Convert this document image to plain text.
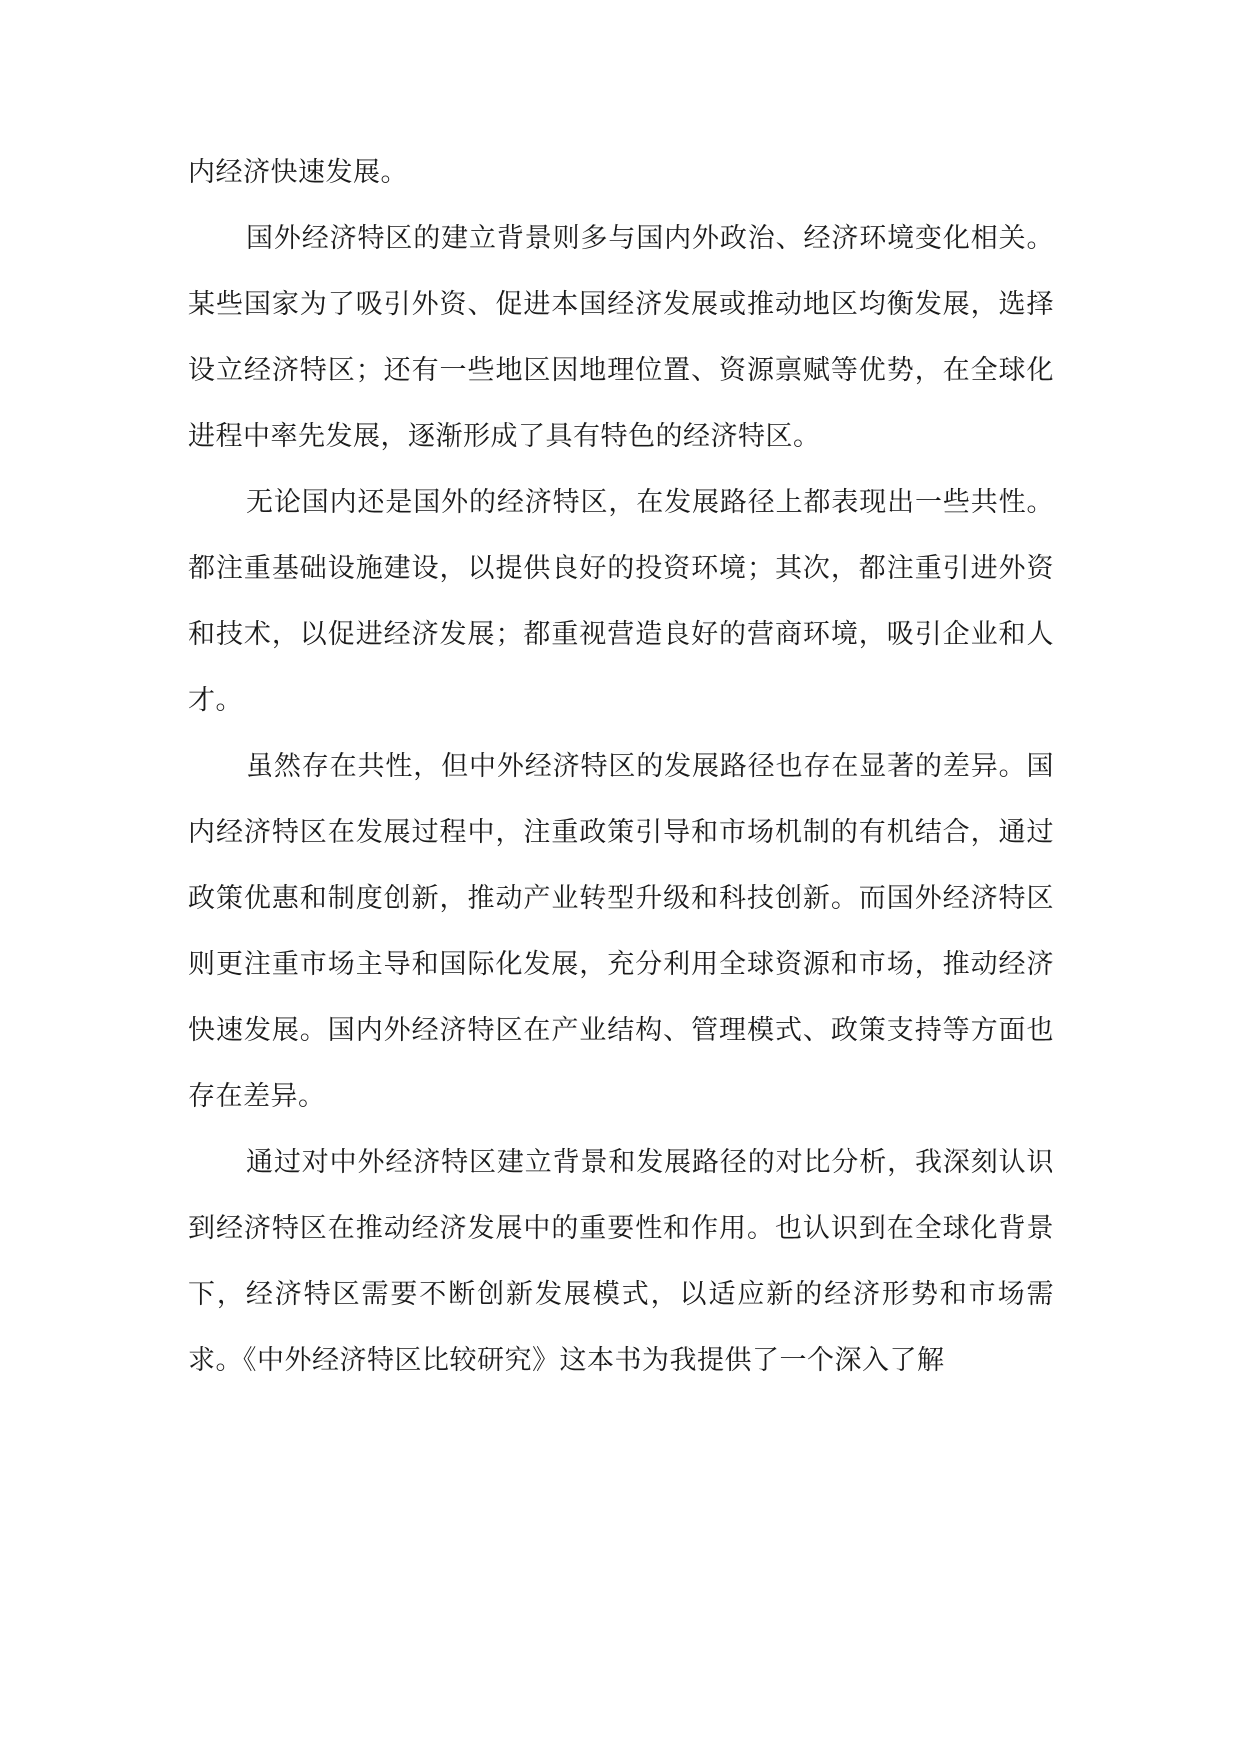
内经济快速发展。

国外经济特区的建立背景则多与国内外政治、经济环境变化相关。某些国家为了吸引外资、促进本国经济发展或推动地区均衡发展，选择设立经济特区；还有一些地区因地理位置、资源禀赋等优势，在全球化进程中率先发展，逐渐形成了具有特色的经济特区。

无论国内还是国外的经济特区，在发展路径上都表现出一些共性。都注重基础设施建设，以提供良好的投资环境；其次，都注重引进外资和技术，以促进经济发展；都重视营造良好的营商环境，吸引企业和人才。

虽然存在共性，但中外经济特区的发展路径也存在显著的差异。国内经济特区在发展过程中，注重政策引导和市场机制的有机结合，通过政策优惠和制度创新，推动产业转型升级和科技创新。而国外经济特区则更注重市场主导和国际化发展，充分利用全球资源和市场，推动经济快速发展。国内外经济特区在产业结构、管理模式、政策支持等方面也存在差异。

通过对中外经济特区建立背景和发展路径的对比分析，我深刻认识到经济特区在推动经济发展中的重要性和作用。也认识到在全球化背景下，经济特区需要不断创新发展模式，以适应新的经济形势和市场需求。《中外经济特区比较研究》这本书为我提供了一个深入了解
